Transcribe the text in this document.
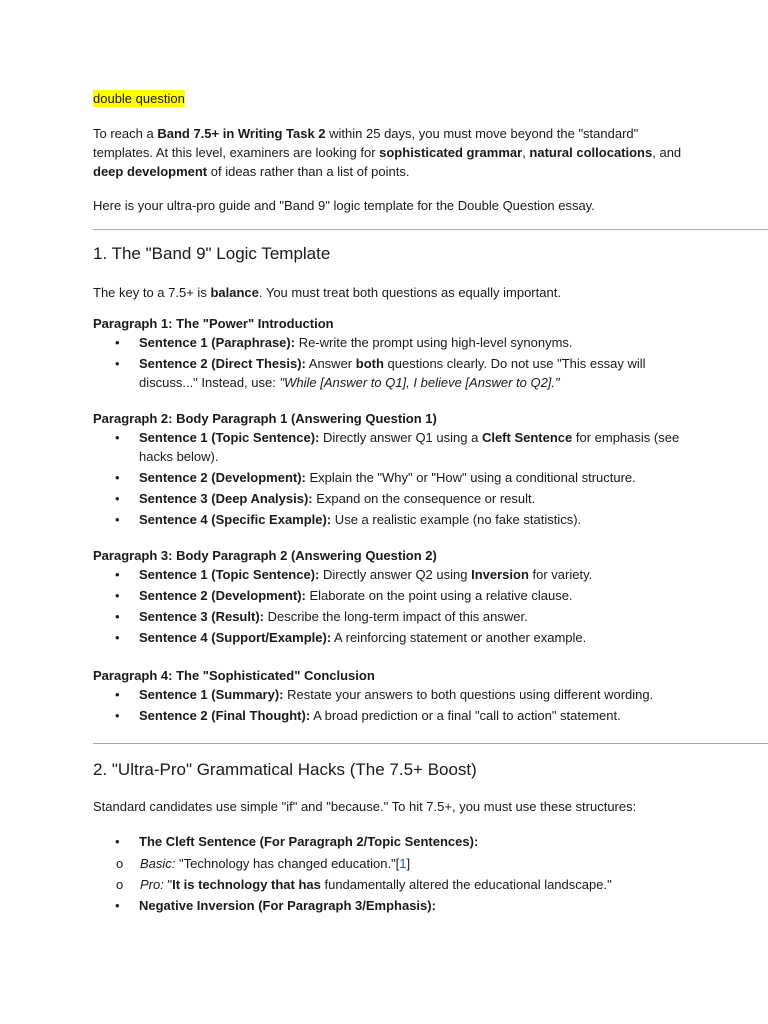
double question

To reach a Band 7.5+ in Writing Task 2 within 25 days, you must move beyond the "standard" templates. At this level, examiners are looking for sophisticated grammar, natural collocations, and deep development of ideas rather than a list of points.

Here is your ultra-pro guide and "Band 9" logic template for the Double Question essay.

1. The "Band 9" Logic Template

The key to a 7.5+ is balance. You must treat both questions as equally important.

Paragraph 1: The "Power" Introduction

• Sentence 1 (Paraphrase): Re-write the prompt using high-level synonyms.
• Sentence 2 (Direct Thesis): Answer both questions clearly. Do not use "This essay will discuss..." Instead, use: "While [Answer to Q1], I believe [Answer to Q2]."

Paragraph 2: Body Paragraph 1 (Answering Question 1)

• Sentence 1 (Topic Sentence): Directly answer Q1 using a Cleft Sentence for emphasis (see hacks below).
• Sentence 2 (Development): Explain the "Why" or "How" using a conditional structure.
• Sentence 3 (Deep Analysis): Expand on the consequence or result.
• Sentence 4 (Specific Example): Use a realistic example (no fake statistics).

Paragraph 3: Body Paragraph 2 (Answering Question 2)

• Sentence 1 (Topic Sentence): Directly answer Q2 using Inversion for variety.
• Sentence 2 (Development): Elaborate on the point using a relative clause.
• Sentence 3 (Result): Describe the long-term impact of this answer.
• Sentence 4 (Support/Example): A reinforcing statement or another example.

Paragraph 4: The "Sophisticated" Conclusion

• Sentence 1 (Summary): Restate your answers to both questions using different wording.
• Sentence 2 (Final Thought): A broad prediction or a final "call to action" statement.
2. "Ultra-Pro" Grammatical Hacks (The 7.5+ Boost)

Standard candidates use simple "if" and "because." To hit 7.5+, you must use these structures:

• The Cleft Sentence (For Paragraph 2/Topic Sentences):
o Basic: "Technology has changed education."[1]
o Pro: "It is technology that has fundamentally altered the educational landscape."
• Negative Inversion (For Paragraph 3/Emphasis):
